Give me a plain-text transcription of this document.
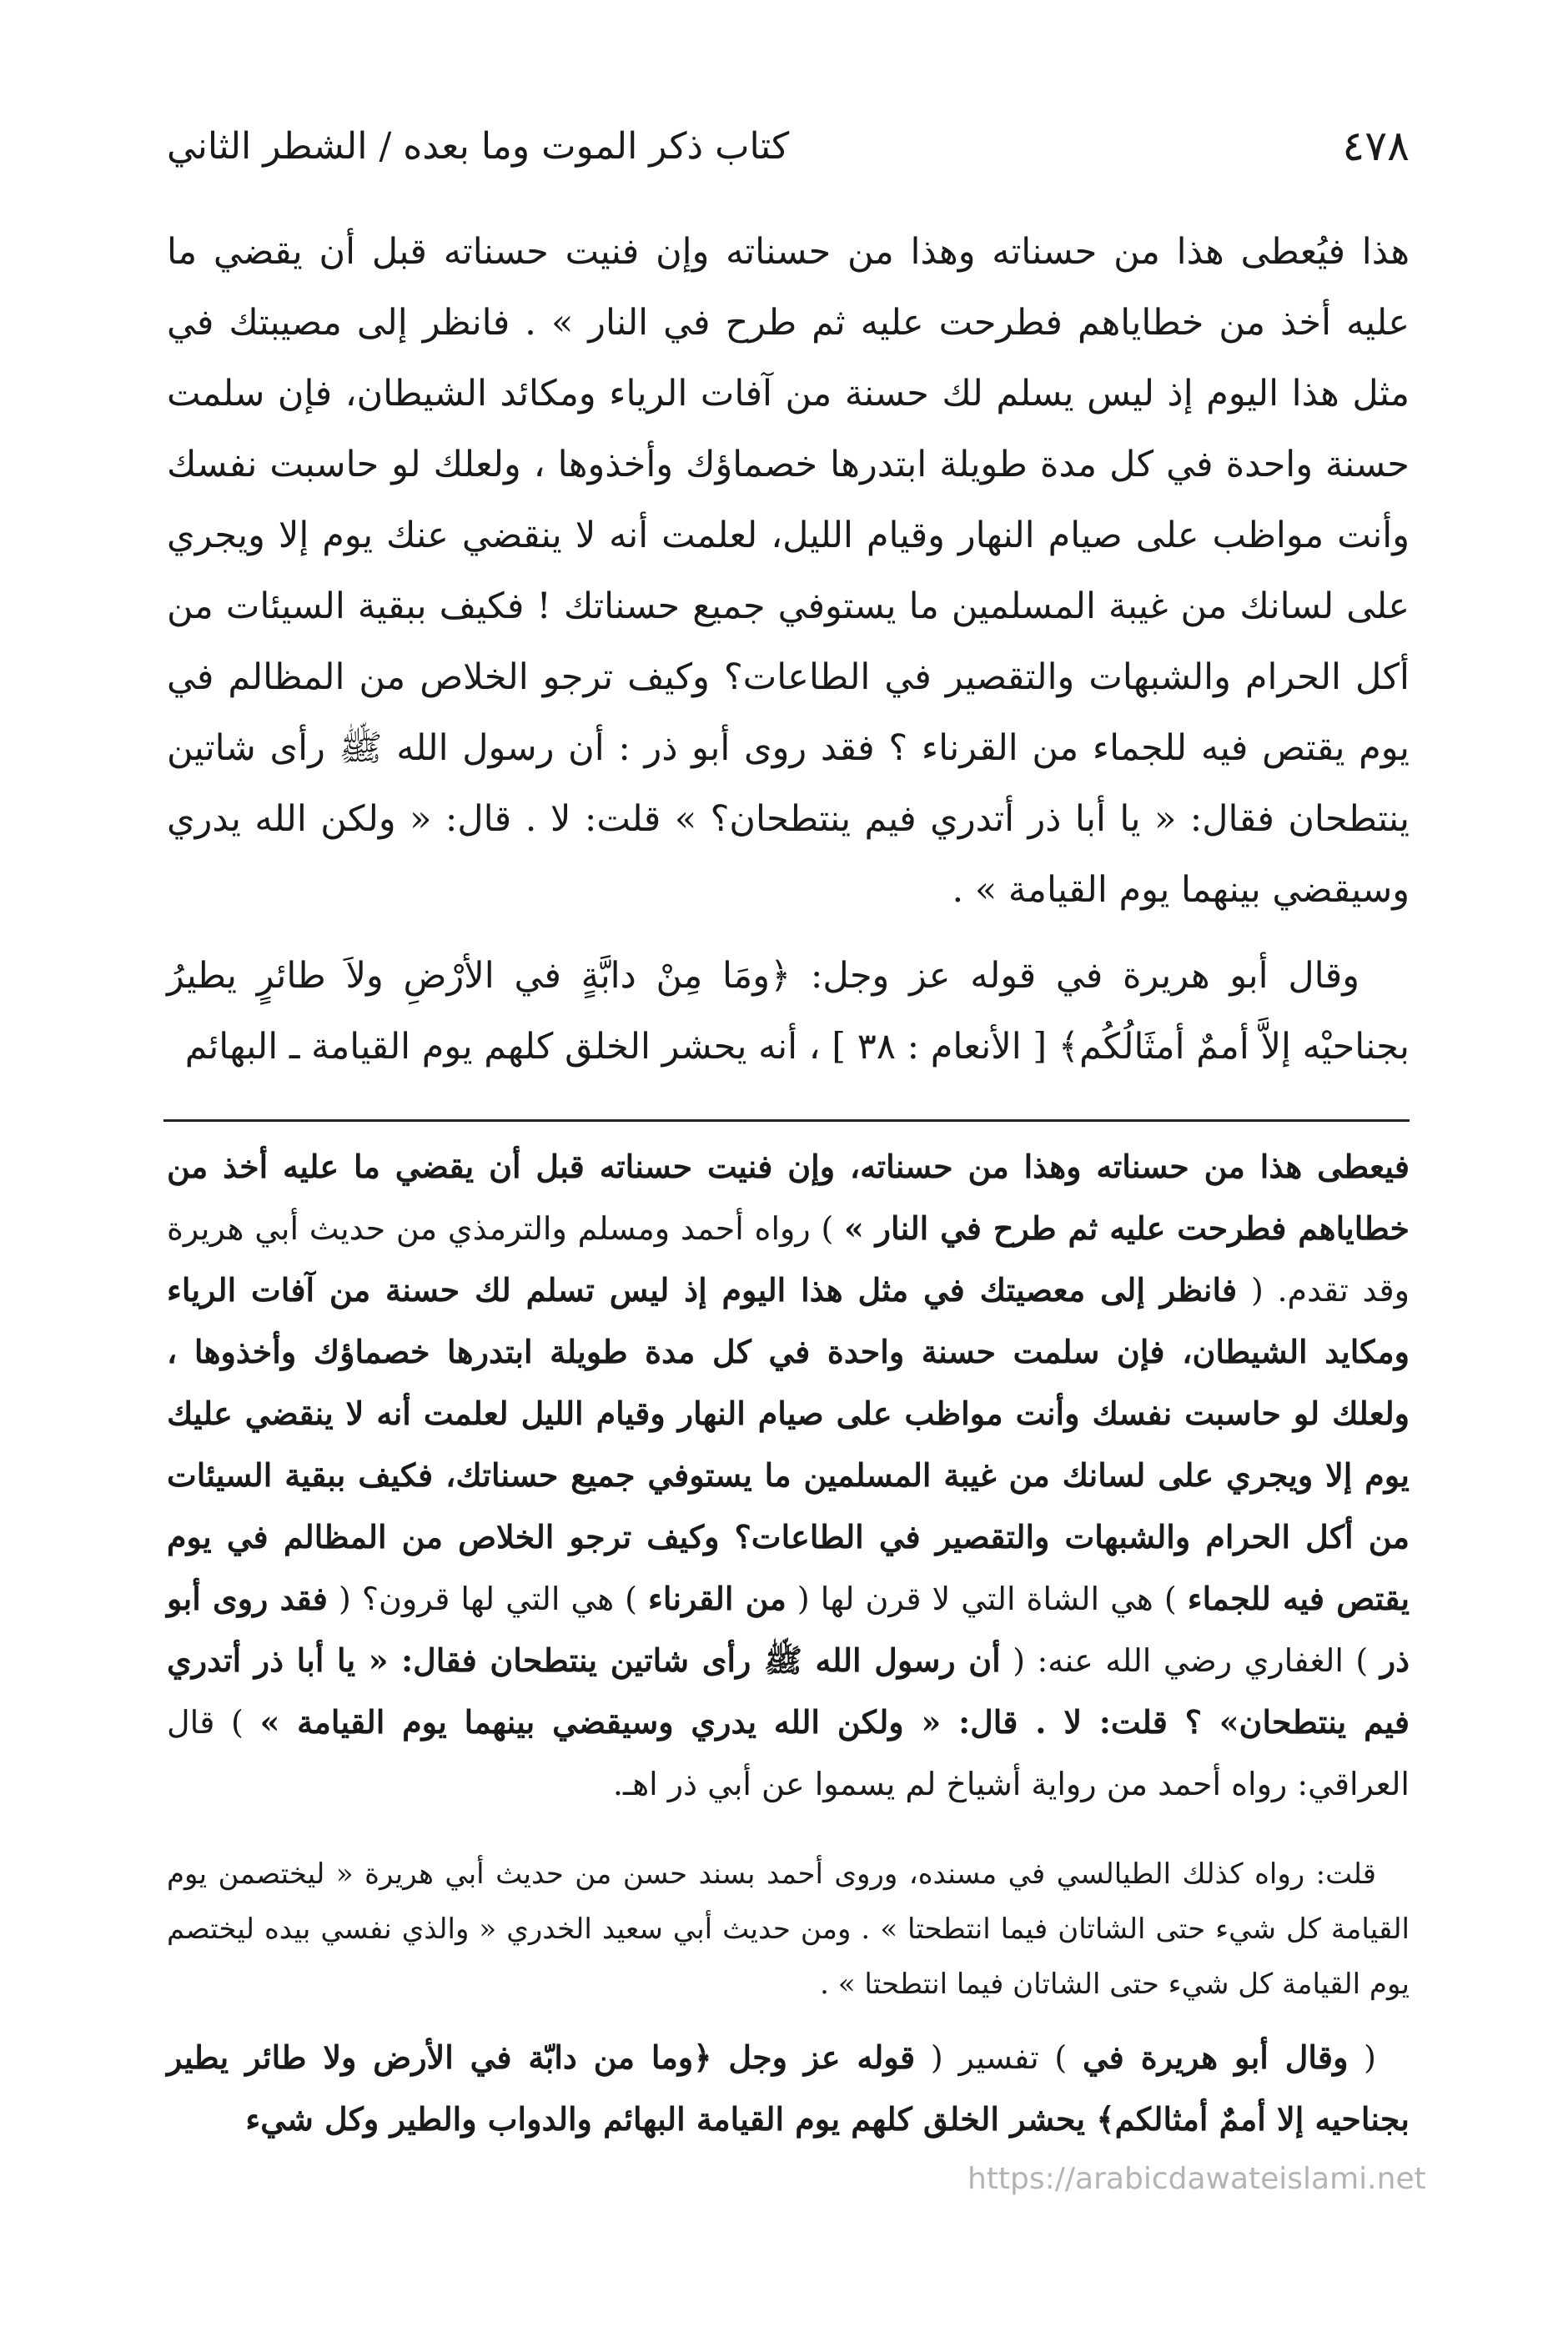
٤٧٨
كتاب ذكر الموت وما بعده / الشطر الثاني

هذا فيُعطى هذا من حسناته وهذا من حسناته وإن فنيت حسناته قبل أن يقضي ما عليه أخذ من خطاياهم فطرحت عليه ثم طرح في النار » . فانظر إلى مصيبتك في مثل هذا اليوم إذ ليس يسلم لك حسنة من آفات الرياء ومكائد الشيطان، فإن سلمت حسنة واحدة في كل مدة طويلة ابتدرها خصماؤك وأخذوها ، ولعلك لو حاسبت نفسك وأنت مواظب على صيام النهار وقيام الليل، لعلمت أنه لا ينقضي عنك يوم إلا ويجري على لسانك من غيبة المسلمين ما يستوفي جميع حسناتك ! فكيف ببقية السيئات من أكل الحرام والشبهات والتقصير في الطاعات؟ وكيف ترجو الخلاص من المظالم في يوم يقتص فيه للجماء من القرناء ؟ فقد روى أبو ذر : أن رسول الله ﷺ رأى شاتين ينتطحان فقال: « يا أبا ذر أتدري فيم ينتطحان؟ » قلت: لا . قال: « ولكن الله يدري وسيقضي بينهما يوم القيامة » .

وقال أبو هريرة في قوله عز وجل: ﴿ومَا مِنْ دابَّةٍ في الأرْضِ ولاَ طائرٍ يطيرُ بجناحيْه إلاَّ أممٌ أمثَالُكُم﴾ [ الأنعام : ٣٨ ] ، أنه يحشر الخلق كلهم يوم القيامة ـ البهائم

فيعطى هذا من حسناته وهذا من حسناته، وإن فنيت حسناته قبل أن يقضي ما عليه أخذ من خطاياهم فطرحت عليه ثم طرح في النار » ) رواه أحمد ومسلم والترمذي من حديث أبي هريرة وقد تقدم. ( فانظر إلى معصيتك في مثل هذا اليوم إذ ليس تسلم لك حسنة من آفات الرياء ومكايد الشيطان، فإن سلمت حسنة واحدة في كل مدة طويلة ابتدرها خصماؤك وأخذوها ، ولعلك لو حاسبت نفسك وأنت مواظب على صيام النهار وقيام الليل لعلمت أنه لا ينقضي عليك يوم إلا ويجري على لسانك من غيبة المسلمين ما يستوفي جميع حسناتك، فكيف ببقية السيئات من أكل الحرام والشبهات والتقصير في الطاعات؟ وكيف ترجو الخلاص من المظالم في يوم يقتص فيه للجماء ) هي الشاة التي لا قرن لها ( من القرناء ) هي التي لها قرون؟ ( فقد روى أبو ذر ) الغفاري رضي الله عنه: ( أن رسول الله ﷺ رأى شاتين ينتطحان فقال: « يا أبا ذر أتدري فيم ينتطحان» ؟ قلت: لا . قال: « ولكن الله يدري وسيقضي بينهما يوم القيامة » ) قال العراقي: رواه أحمد من رواية أشياخ لم يسموا عن أبي ذر اهـ.

قلت: رواه كذلك الطيالسي في مسنده، وروى أحمد بسند حسن من حديث أبي هريرة « ليختصمن يوم القيامة كل شيء حتى الشاتان فيما انتطحتا » . ومن حديث أبي سعيد الخدري « والذي نفسي بيده ليختصم يوم القيامة كل شيء حتى الشاتان فيما انتطحتا » .

( وقال أبو هريرة في ) تفسير ( قوله عز وجل ﴿وما من دابّة في الأرض ولا طائر يطير بجناحيه إلا أممٌ أمثالكم﴾ يحشر الخلق كلهم يوم القيامة البهائم والدواب والطير وكل شيء

https://arabicdawateislami.net
